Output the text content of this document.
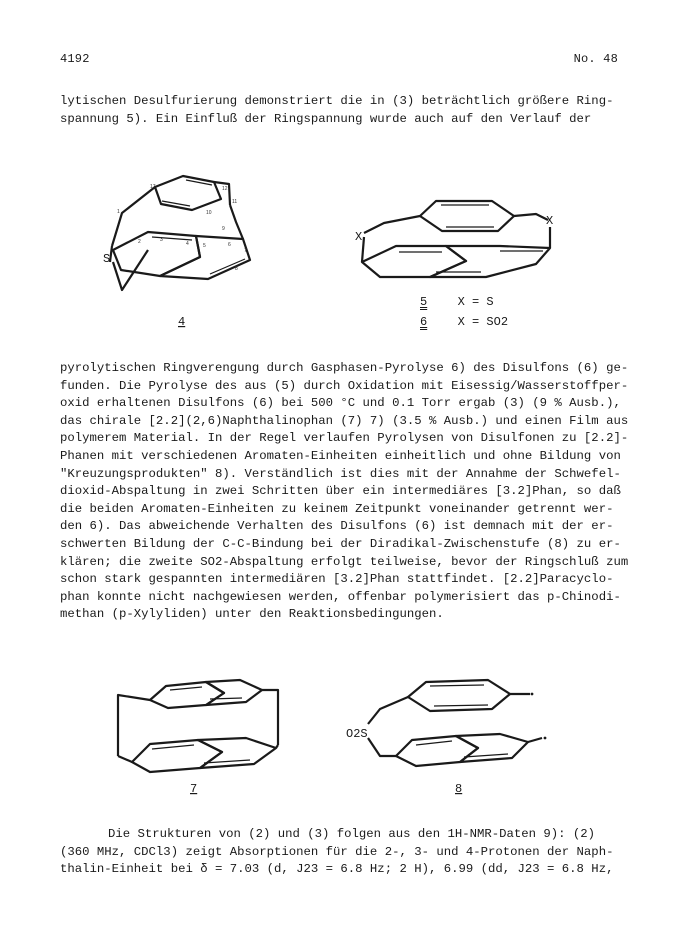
4192	No. 48
lytischen Desulfurierung demonstriert die in (3) beträchtlich größere Ring-
spannung 5). Ein Einfluß der Ringspannung wurde auch auf den Verlauf der
S
17
1
2	3
4	5	6
7
8
9
10
11
12
4
X
X
5	X = S
6	X = SO2
pyrolytischen Ringverengung durch Gasphasen-Pyrolyse 6) des Disulfons (6) ge-
funden. Die Pyrolyse des aus (5) durch Oxidation mit Eisessig/Wasserstoffper-
oxid erhaltenen Disulfons (6) bei 500 °C und 0.1 Torr ergab (3) (9 % Ausb.),
das chirale [2.2](2,6)Naphthalinophan (7) 7) (3.5 % Ausb.) und einen Film aus
polymerem Material. In der Regel verlaufen Pyrolysen von Disulfonen zu [2.2]-
Phanen mit verschiedenen Aromaten-Einheiten einheitlich und ohne Bildung von
"Kreuzungsprodukten" 8). Verständlich ist dies mit der Annahme der Schwefel-
dioxid-Abspaltung in zwei Schritten über ein intermediäres [3.2]Phan, so daß
die beiden Aromaten-Einheiten zu keinem Zeitpunkt voneinander getrennt wer-
den 6). Das abweichende Verhalten des Disulfons (6) ist demnach mit der er-
schwerten Bildung der C-C-Bindung bei der Diradikal-Zwischenstufe (8) zu er-
klären; die zweite SO2-Abspaltung erfolgt teilweise, bevor der Ringschluß zum
schon stark gespannten intermediären [3.2]Phan stattfindet. [2.2]Paracyclo-
phan konnte nicht nachgewiesen werden, offenbar polymerisiert das p-Chinodi-
methan (p-Xylyliden) unter den Reaktionsbedingungen.
7
O2S
8
Die Strukturen von (2) und (3) folgen aus den 1H-NMR-Daten 9): (2)
(360 MHz, CDCl3) zeigt Absorptionen für die 2-, 3- und 4-Protonen der Naph-
thalin-Einheit bei δ = 7.03 (d, J23 = 6.8 Hz; 2 H), 6.99 (dd, J23 = 6.8 Hz,
